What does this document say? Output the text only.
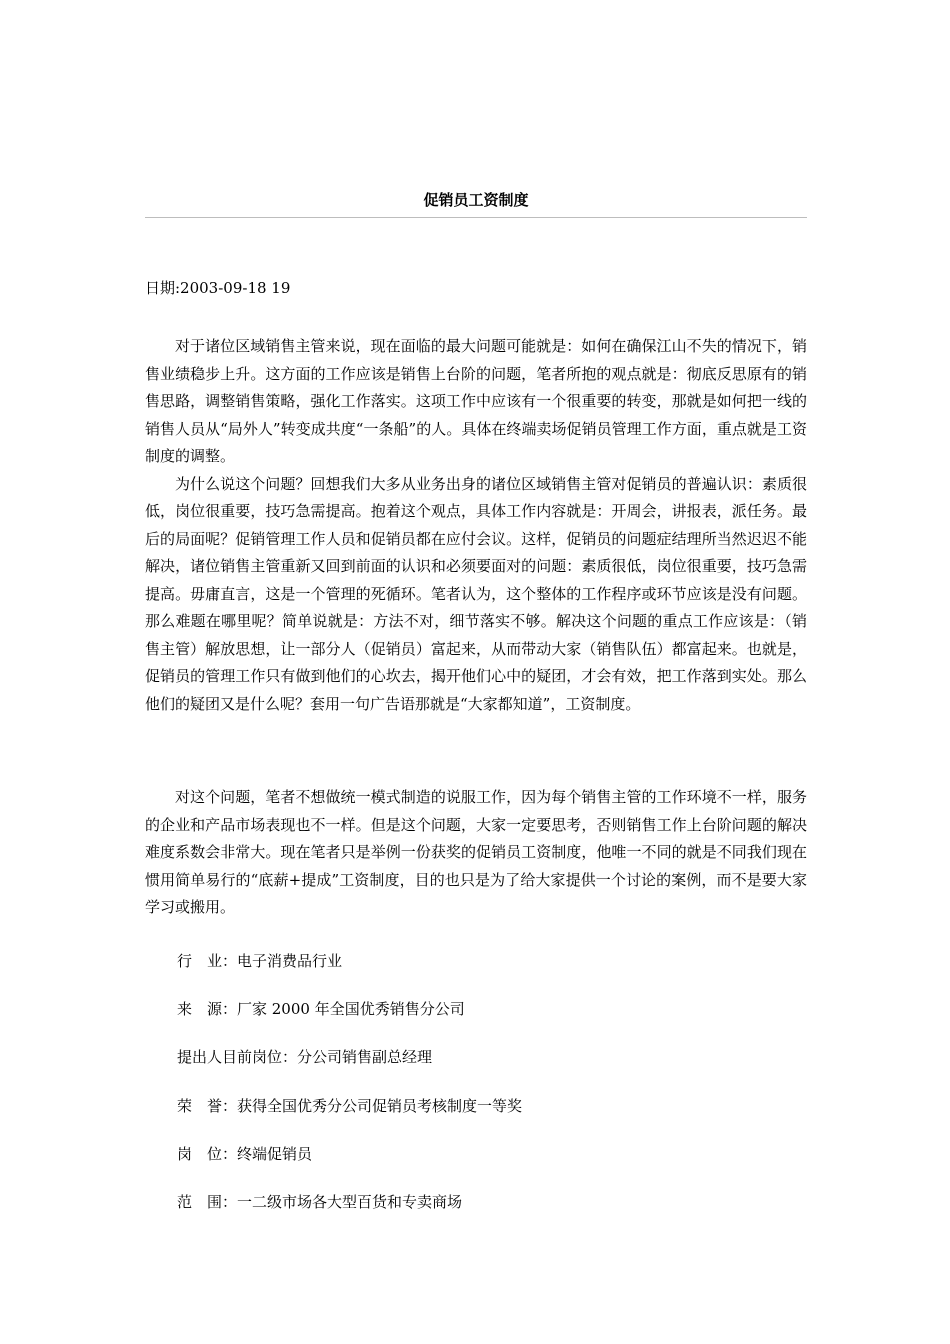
促销员工资制度
日期:2003-09-18 19

对于诸位区域销售主管来说，现在面临的最大问题可能就是：如何在确保江山不失的情况下，销售业绩稳步上升。这方面的工作应该是销售上台阶的问题，笔者所抱的观点就是：彻底反思原有的销售思路，调整销售策略，强化工作落实。这项工作中应该有一个很重要的转变，那就是如何把一线的销售人员从“局外人”转变成共度“一条船”的人。具体在终端卖场促销员管理工作方面，重点就是工资制度的调整。

为什么说这个问题？回想我们大多从业务出身的诸位区域销售主管对促销员的普遍认识：素质很低，岗位很重要，技巧急需提高。抱着这个观点，具体工作内容就是：开周会，讲报表，派任务。最后的局面呢？促销管理工作人员和促销员都在应付会议。这样，促销员的问题症结理所当然迟迟不能解决，诸位销售主管重新又回到前面的认识和必须要面对的问题：素质很低，岗位很重要，技巧急需提高。毋庸直言，这是一个管理的死循环。笔者认为，这个整体的工作程序或环节应该是没有问题。那么难题在哪里呢？简单说就是：方法不对，细节落实不够。解决这个问题的重点工作应该是：（销售主管）解放思想，让一部分人（促销员）富起来，从而带动大家（销售队伍）都富起来。也就是，促销员的管理工作只有做到他们的心坎去，揭开他们心中的疑团，才会有效，把工作落到实处。那么他们的疑团又是什么呢？套用一句广告语那就是“大家都知道”，工资制度。

对这个问题，笔者不想做统一模式制造的说服工作，因为每个销售主管的工作环境不一样，服务的企业和产品市场表现也不一样。但是这个问题，大家一定要思考，否则销售工作上台阶问题的解决难度系数会非常大。现在笔者只是举例一份获奖的促销员工资制度，他唯一不同的就是不同我们现在惯用简单易行的“底薪+提成”工资制度，目的也只是为了给大家提供一个讨论的案例，而不是要大家学习或搬用。

行　业：电子消费品行业
来　源：厂家 2000 年全国优秀销售分公司
提出人目前岗位：分公司销售副总经理
荣　誉：获得全国优秀分公司促销员考核制度一等奖
岗　位：终端促销员
范　围：一二级市场各大型百货和专卖商场
